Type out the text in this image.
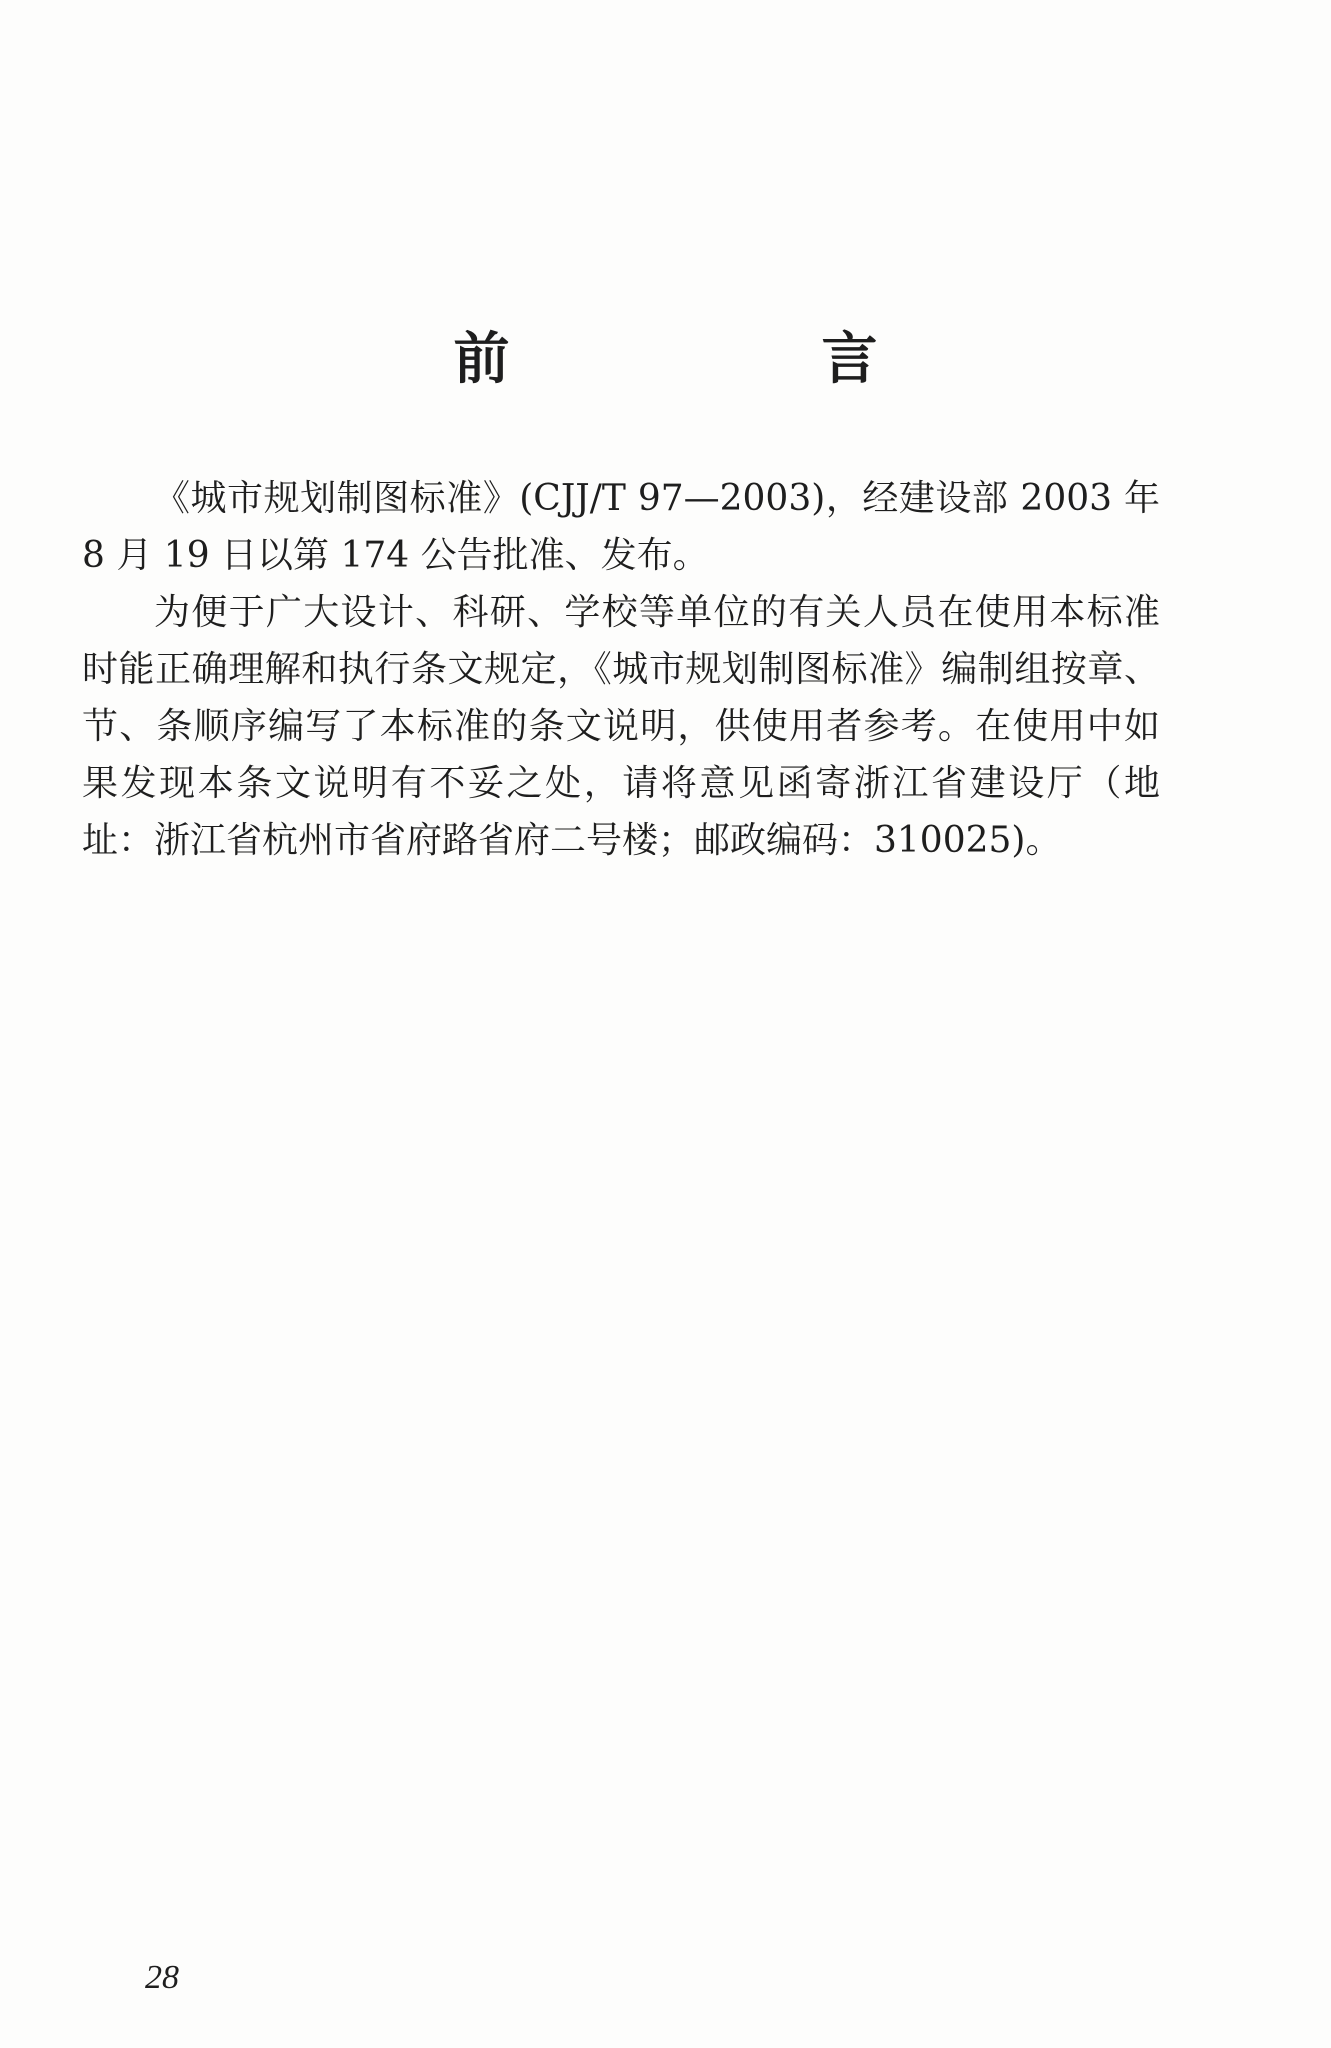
前　言

《城市规划制图标准》(CJJ/T 97—2003)，经建设部 2003 年 8 月 19 日以第 174 公告批准、发布。

为便于广大设计、科研、学校等单位的有关人员在使用本标准时能正确理解和执行条文规定，《城市规划制图标准》编制组按章、节、条顺序编写了本标准的条文说明，供使用者参考。在使用中如果发现本条文说明有不妥之处，请将意见函寄浙江省建设厅（地址：浙江省杭州市省府路省府二号楼；邮政编码：310025)。

28
